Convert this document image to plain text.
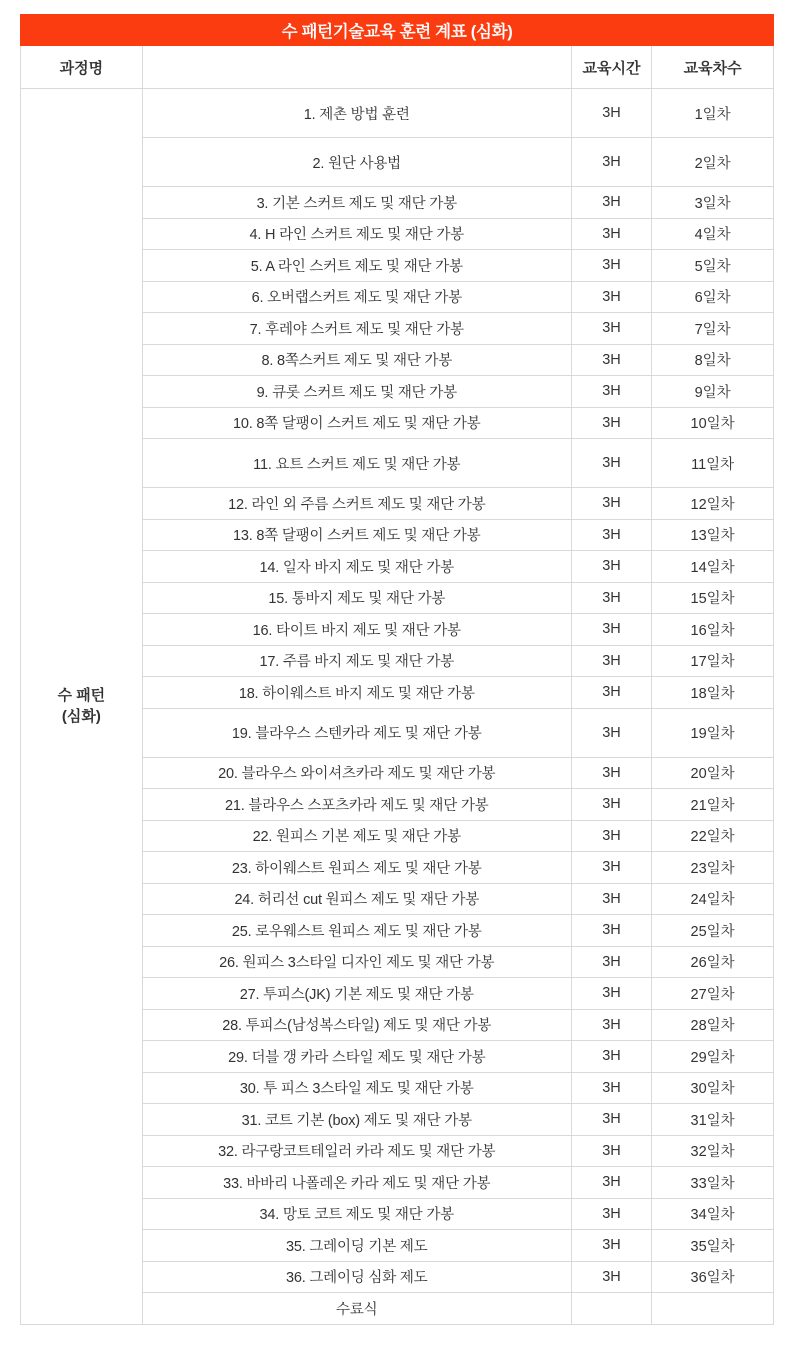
수 패턴기술교육 훈련 계표 (심화)			
과정명		교육시간	교육차수
수 패턴
(심화)	1. 제촌 방법 훈련	3H	1일차
	2. 원단 사용법	3H	2일차
	3. 기본 스커트 제도 및 재단 가봉	3H	3일차
	4. H 라인 스커트 제도 및 재단 가봉	3H	4일차
	5. A 라인 스커트 제도 및 재단 가봉	3H	5일차
	6. 오버랩스커트 제도 및 재단 가봉	3H	6일차
	7. 후레야 스커트 제도 및 재단 가봉	3H	7일차
	8. 8쪽스커트 제도 및 재단 가봉	3H	8일차
	9. 큐롯 스커트 제도 및 재단 가봉	3H	9일차
	10. 8쪽 달팽이 스커트 제도 및 재단 가봉	3H	10일차
	11. 요트 스커트 제도 및 재단 가봉	3H	11일차
	12. 라인 외 주름 스커트 제도 및 재단 가봉	3H	12일차
	13. 8쪽 달팽이 스커트 제도 및 재단 가봉	3H	13일차
	14. 일자 바지 제도 및 재단 가봉	3H	14일차
	15. 통바지 제도 및 재단 가봉	3H	15일차
	16. 타이트 바지 제도 및 재단 가봉	3H	16일차
	17. 주름 바지 제도 및 재단 가봉	3H	17일차
	18. 하이웨스트 바지 제도 및 재단 가봉	3H	18일차
	19. 블라우스 스텐카라 제도 및 재단 가봉	3H	19일차
	20. 블라우스 와이셔츠카라 제도 및 재단 가봉	3H	20일차
	21. 블라우스 스포츠카라 제도 및 재단 가봉	3H	21일차
	22. 원피스 기본 제도 및 재단 가봉	3H	22일차
	23. 하이웨스트 원피스 제도 및 재단 가봉	3H	23일차
	24. 허리선 cut 원피스 제도 및 재단 가봉	3H	24일차
	25. 로우웨스트 원피스 제도 및 재단 가봉	3H	25일차
	26. 원피스 3스타일 디자인 제도 및 재단 가봉	3H	26일차
	27. 투피스(JK) 기본 제도 및 재단 가봉	3H	27일차
	28. 투피스(남성복스타일) 제도 및 재단 가봉	3H	28일차
	29. 더블 갱 카라 스타일 제도 및 재단 가봉	3H	29일차
	30. 투 피스 3스타일 제도 및 재단 가봉	3H	30일차
	31. 코트 기본 (box) 제도 및 재단 가봉	3H	31일차
	32. 라구랑코트테일러 카라 제도 및 재단 가봉	3H	32일차
	33. 바바리 나폴레온 카라 제도 및 재단 가봉	3H	33일차
	34. 망토 코트 제도 및 재단 가봉	3H	34일차
	35. 그레이딩 기본 제도	3H	35일차
	36. 그레이딩 심화 제도	3H	36일차
	수료식		
